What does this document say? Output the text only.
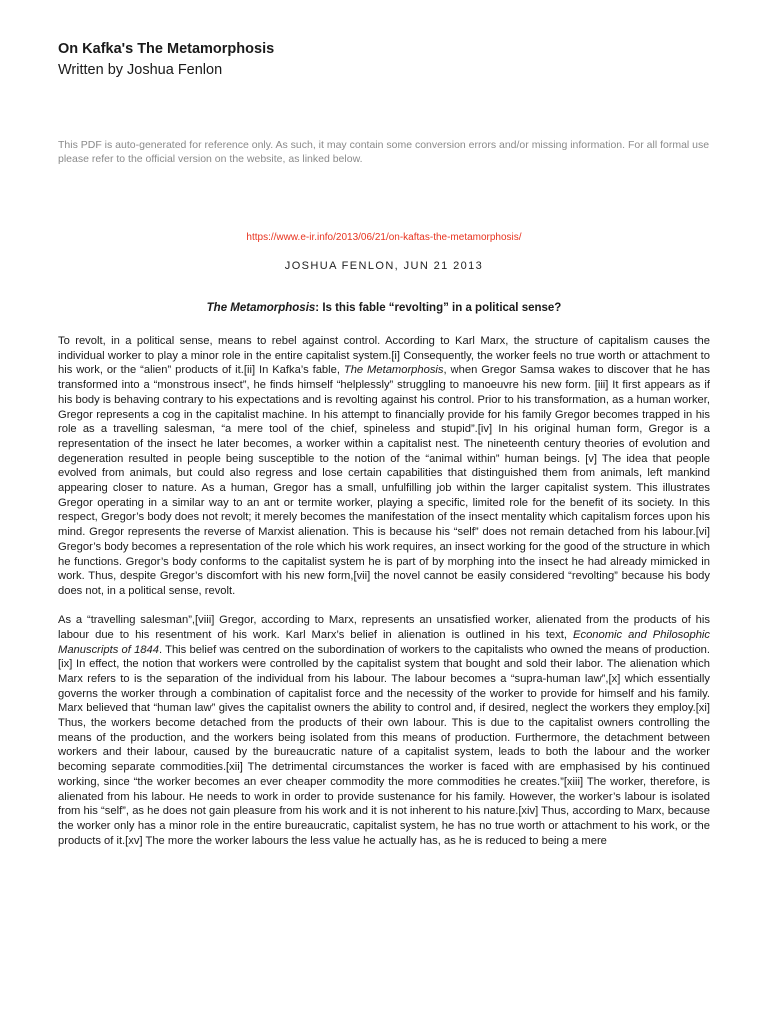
On Kafka's The Metamorphosis
Written by Joshua Fenlon

This PDF is auto-generated for reference only. As such, it may contain some conversion errors and/or missing information. For all formal use please refer to the official version on the website, as linked below.

https://www.e-ir.info/2013/06/21/on-kaftas-the-metamorphosis/
JOSHUA FENLON, JUN 21 2013
The Metamorphosis: Is this fable “revolting” in a political sense?

To revolt, in a political sense, means to rebel against control. According to Karl Marx, the structure of capitalism causes the individual worker to play a minor role in the entire capitalist system.[i] Consequently, the worker feels no true worth or attachment to his work, or the “alien” products of it.[ii] In Kafka’s fable, The Metamorphosis, when Gregor Samsa wakes to discover that he has transformed into a “monstrous insect”, he finds himself “helplessly” struggling to manoeuvre his new form. [iii] It first appears as if his body is behaving contrary to his expectations and is revolting against his control. Prior to his transformation, as a human worker, Gregor represents a cog in the capitalist machine. In his attempt to financially provide for his family Gregor becomes trapped in his role as a travelling salesman, “a mere tool of the chief, spineless and stupid”.[iv] In his original human form, Gregor is a representation of the insect he later becomes, a worker within a capitalist nest. The nineteenth century theories of evolution and degeneration resulted in people being susceptible to the notion of the “animal within” human beings. [v] The idea that people evolved from animals, but could also regress and lose certain capabilities that distinguished them from animals, left mankind appearing closer to nature. As a human, Gregor has a small, unfulfilling job within the larger capitalist system. This illustrates Gregor operating in a similar way to an ant or termite worker, playing a specific, limited role for the benefit of its society. In this respect, Gregor’s body does not revolt; it merely becomes the manifestation of the insect mentality which capitalism forces upon his mind. Gregor represents the reverse of Marxist alienation. This is because his “self” does not remain detached from his labour.[vi] Gregor’s body becomes a representation of the role which his work requires, an insect working for the good of the structure in which he functions. Gregor’s body conforms to the capitalist system he is part of by morphing into the insect he had already mimicked in work. Thus, despite Gregor’s discomfort with his new form,[vii] the novel cannot be easily considered “revolting” because his body does not, in a political sense, revolt.

As a “travelling salesman”,[viii] Gregor, according to Marx, represents an unsatisfied worker, alienated from the products of his labour due to his resentment of his work. Karl Marx’s belief in alienation is outlined in his text, Economic and Philosophic Manuscripts of 1844. This belief was centred on the subordination of workers to the capitalists who owned the means of production.[ix] In effect, the notion that workers were controlled by the capitalist system that bought and sold their labor. The alienation which Marx refers to is the separation of the individual from his labour. The labour becomes a “supra-human law”,[x] which essentially governs the worker through a combination of capitalist force and the necessity of the worker to provide for himself and his family. Marx believed that “human law” gives the capitalist owners the ability to control and, if desired, neglect the workers they employ.[xi] Thus, the workers become detached from the products of their own labour. This is due to the capitalist owners controlling the means of the production, and the workers being isolated from this means of production. Furthermore, the detachment between workers and their labour, caused by the bureaucratic nature of a capitalist system, leads to both the labour and the worker becoming separate commodities.[xii] The detrimental circumstances the worker is faced with are emphasised by his continued working, since “the worker becomes an ever cheaper commodity the more commodities he creates.”[xiii] The worker, therefore, is alienated from his labour. He needs to work in order to provide sustenance for his family. However, the worker’s labour is isolated from his “self”, as he does not gain pleasure from his work and it is not inherent to his nature.[xiv] Thus, according to Marx, because the worker only has a minor role in the entire bureaucratic, capitalist system, he has no true worth or attachment to his work, or the products of it.[xv] The more the worker labours the less value he actually has, as he is reduced to being a mere
